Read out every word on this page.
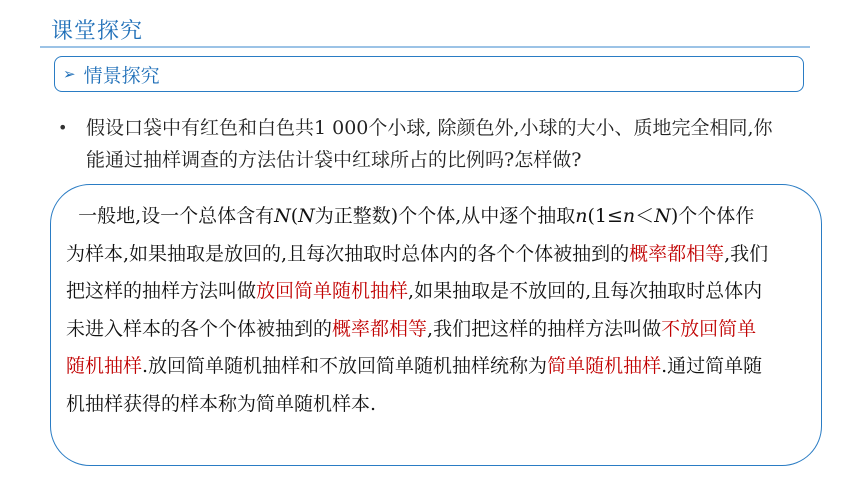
课堂探究
➢ 情景探究
• 假设口袋中有红色和白色共1 000个小球, 除颜色外,小球的大小、质地完全相同,你能通过抽样调查的方法估计袋中红球所占的比例吗?怎样做?
一般地,设一个总体含有N(N为正整数)个个体,从中逐个抽取n(1≤n＜N)个个体作为样本,如果抽取是放回的,且每次抽取时总体内的各个个体被抽到的概率都相等,我们把这样的抽样方法叫做放回简单随机抽样,如果抽取是不放回的,且每次抽取时总体内未进入样本的各个个体被抽到的概率都相等,我们把这样的抽样方法叫做不放回简单随机抽样.放回简单随机抽样和不放回简单随机抽样统称为简单随机抽样.通过简单随机抽样获得的样本称为简单随机样本.
